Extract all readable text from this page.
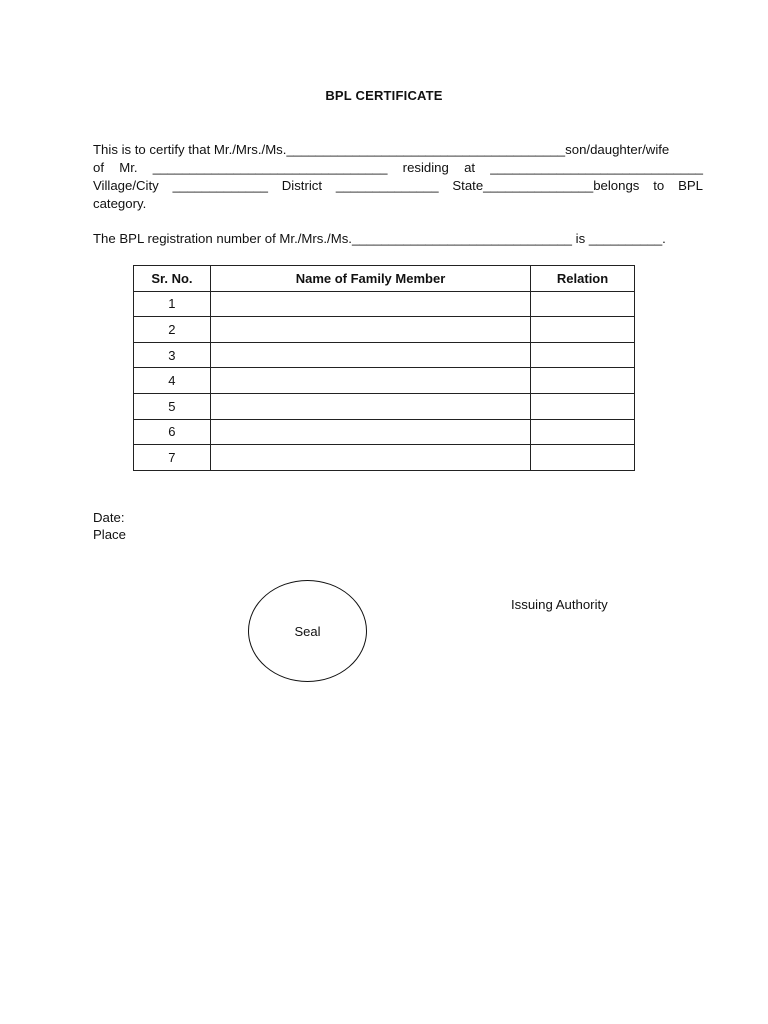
BPL CERTIFICATE
This is to certify that Mr./Mrs./Ms.______________________________________son/daughter/wife
of Mr. ________________________________ residing at _____________________________
Village/City _____________ District ______________ State_______________belongs to BPL
category.
The BPL registration number of Mr./Mrs./Ms.______________________________ is __________.
Sr. No.	Name of Family Member	Relation
1		
2		
3		
4		
5		
6		
7		
Date:
Place
Seal
Issuing Authority
